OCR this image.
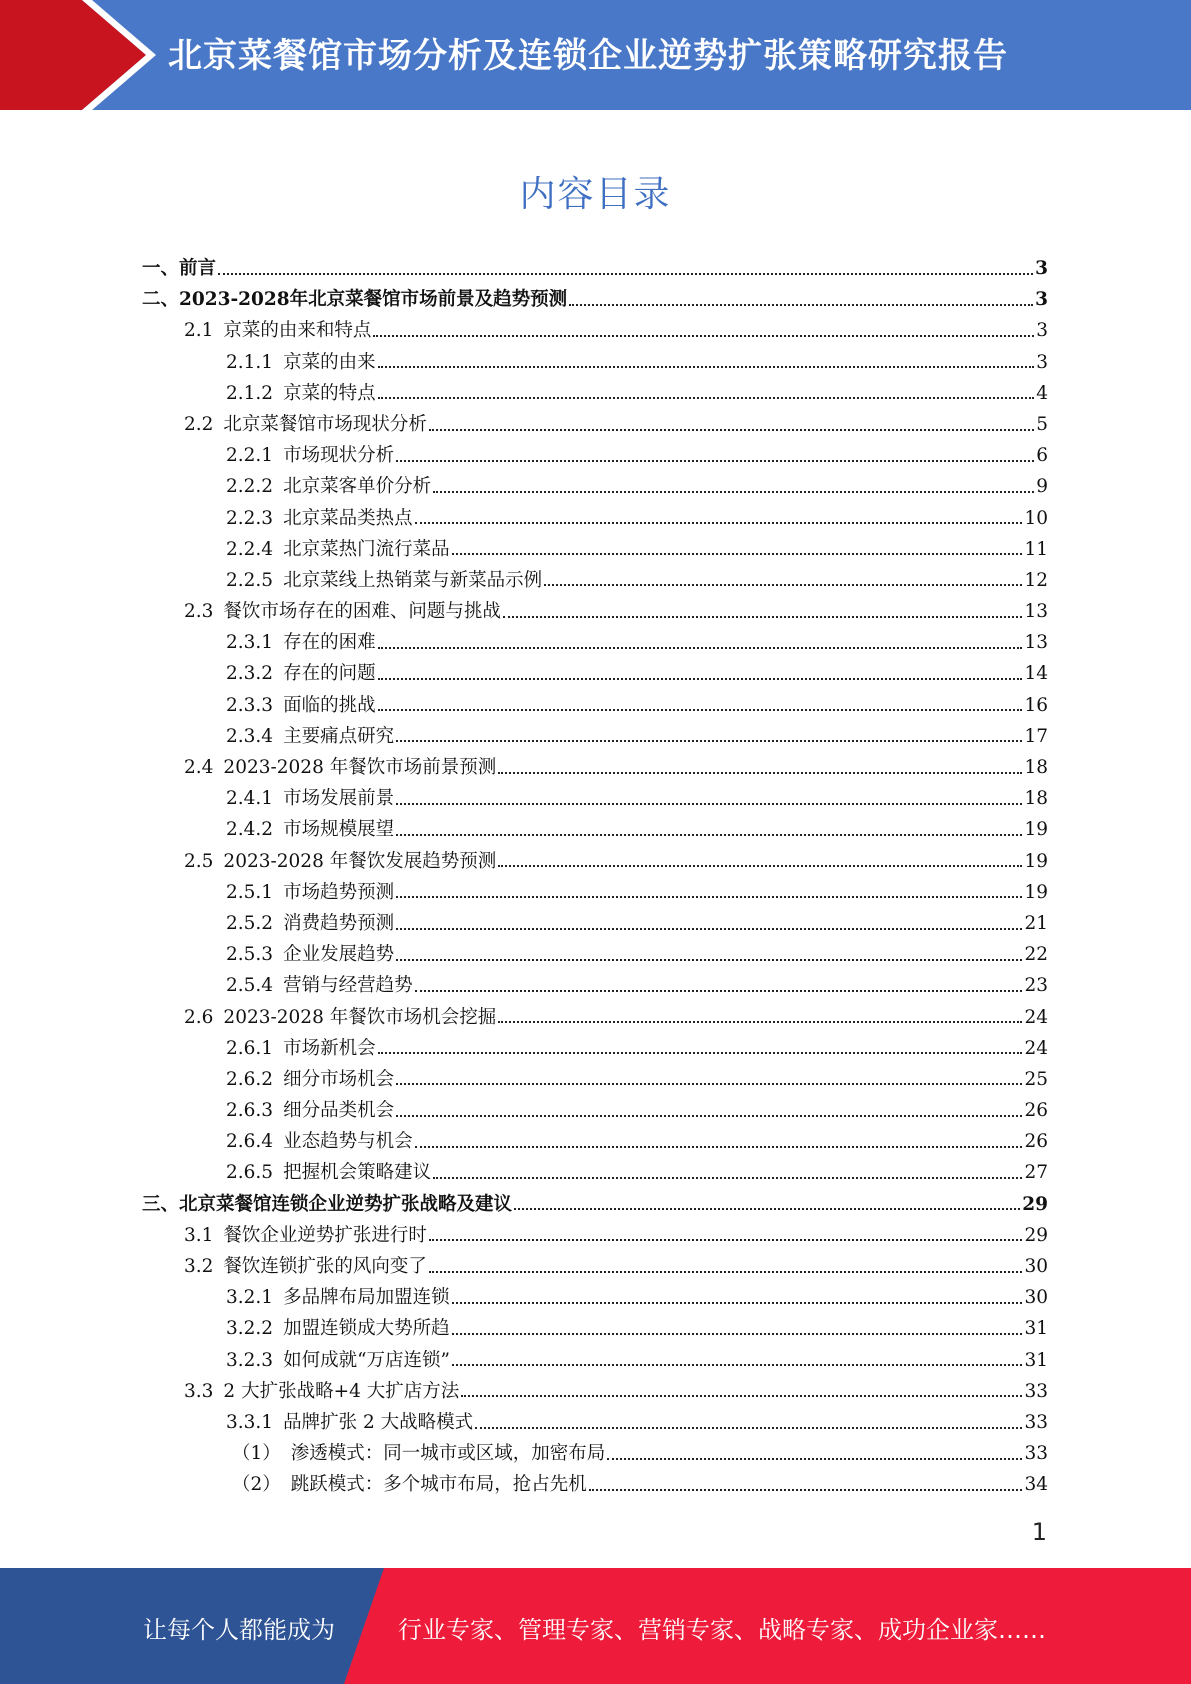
北京菜餐馆市场分析及连锁企业逆势扩张策略研究报告
内容目录
一、 前言	3
二、 2023-2028年北京菜餐馆市场前景及趋势预测	3
2.1 京菜的由来和特点	3
2.1.1 京菜的由来	3
2.1.2 京菜的特点	4
2.2 北京菜餐馆市场现状分析	5
2.2.1 市场现状分析	6
2.2.2 北京菜客单价分析	9
2.2.3 北京菜品类热点	10
2.2.4 北京菜热门流行菜品	11
2.2.5 北京菜线上热销菜与新菜品示例	12
2.3 餐饮市场存在的困难、问题与挑战	13
2.3.1 存在的困难	13
2.3.2 存在的问题	14
2.3.3 面临的挑战	16
2.3.4 主要痛点研究	17
2.4 2023-2028 年餐饮市场前景预测	18
2.4.1 市场发展前景	18
2.4.2 市场规模展望	19
2.5 2023-2028 年餐饮发展趋势预测	19
2.5.1 市场趋势预测	19
2.5.2 消费趋势预测	21
2.5.3 企业发展趋势	22
2.5.4 营销与经营趋势	23
2.6 2023-2028 年餐饮市场机会挖掘	24
2.6.1 市场新机会	24
2.6.2 细分市场机会	25
2.6.3 细分品类机会	26
2.6.4 业态趋势与机会	26
2.6.5 把握机会策略建议	27
三、 北京菜餐馆连锁企业逆势扩张战略及建议	29
3.1 餐饮企业逆势扩张进行时	29
3.2 餐饮连锁扩张的风向变了	30
3.2.1 多品牌布局加盟连锁	30
3.2.2 加盟连锁成大势所趋	31
3.2.3 如何成就“万店连锁”	31
3.3 2 大扩张战略+4 大扩店方法	33
3.3.1 品牌扩张 2 大战略模式	33
（1） 渗透模式：同一城市或区域，加密布局	33
（2） 跳跃模式：多个城市布局，抢占先机	34
1
让每个人都能成为	行业专家、管理专家、营销专家、战略专家、成功企业家……
